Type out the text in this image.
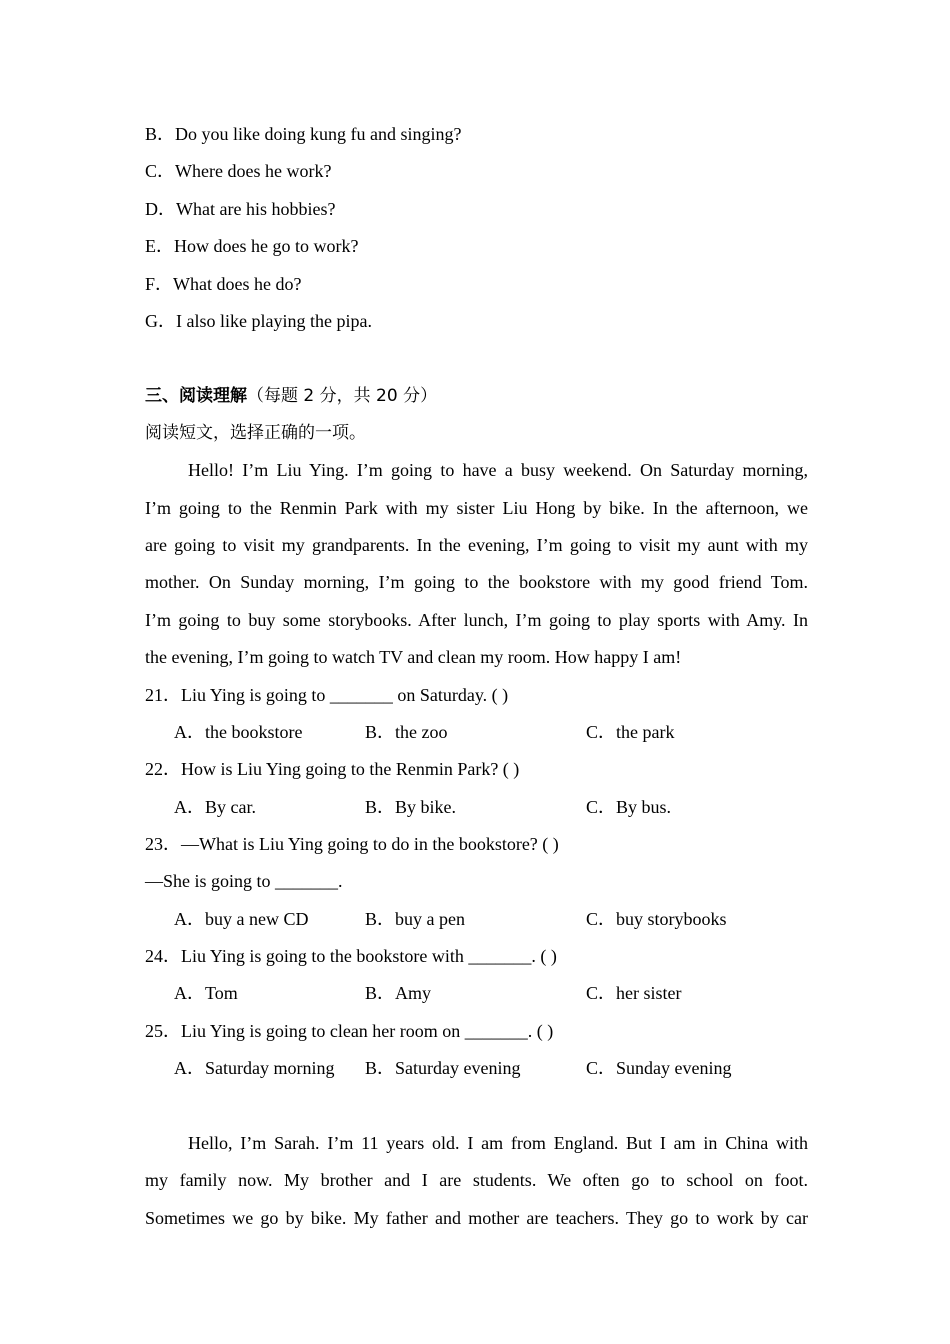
B．Do you like doing kung fu and singing?
C．Where does he work?
D．What are his hobbies?
E．How does he go to work?
F．What does he do?
G．I also like playing the pipa.
三、阅读理解（每题 2 分，共 20 分）
阅读短文，选择正确的一项。
Hello! I’m Liu Ying. I’m going to have a busy weekend. On Saturday morning,
I’m going to the Renmin Park with my sister Liu Hong by bike. In the afternoon, we
are going to visit my grandparents. In the evening, I’m going to visit my aunt with my
mother. On Sunday morning, I’m going to the bookstore with my good friend Tom.
I’m going to buy some storybooks. After lunch, I’m going to play sports with Amy. In
the evening, I’m going to watch TV and clean my room. How happy I am!
21．Liu Ying is going to _______ on Saturday. ( )
A．the bookstore	B．the zoo	C．the park
22．How is Liu Ying going to the Renmin Park? ( )
A．By car.	B．By bike.	C．By bus.
23．—What is Liu Ying going to do in the bookstore? ( )
—She is going to _______.
A．buy a new CD	B．buy a pen	C．buy storybooks
24．Liu Ying is going to the bookstore with _______. ( )
A．Tom	B．Amy	C．her sister
25．Liu Ying is going to clean her room on _______. ( )
A．Saturday morning B．Saturday evening	C．Sunday evening
Hello, I’m Sarah. I’m 11 years old. I am from England. But I am in China with
my family now. My brother and I are students. We often go to school on foot.
Sometimes we go by bike. My father and mother are teachers. They go to work by car
